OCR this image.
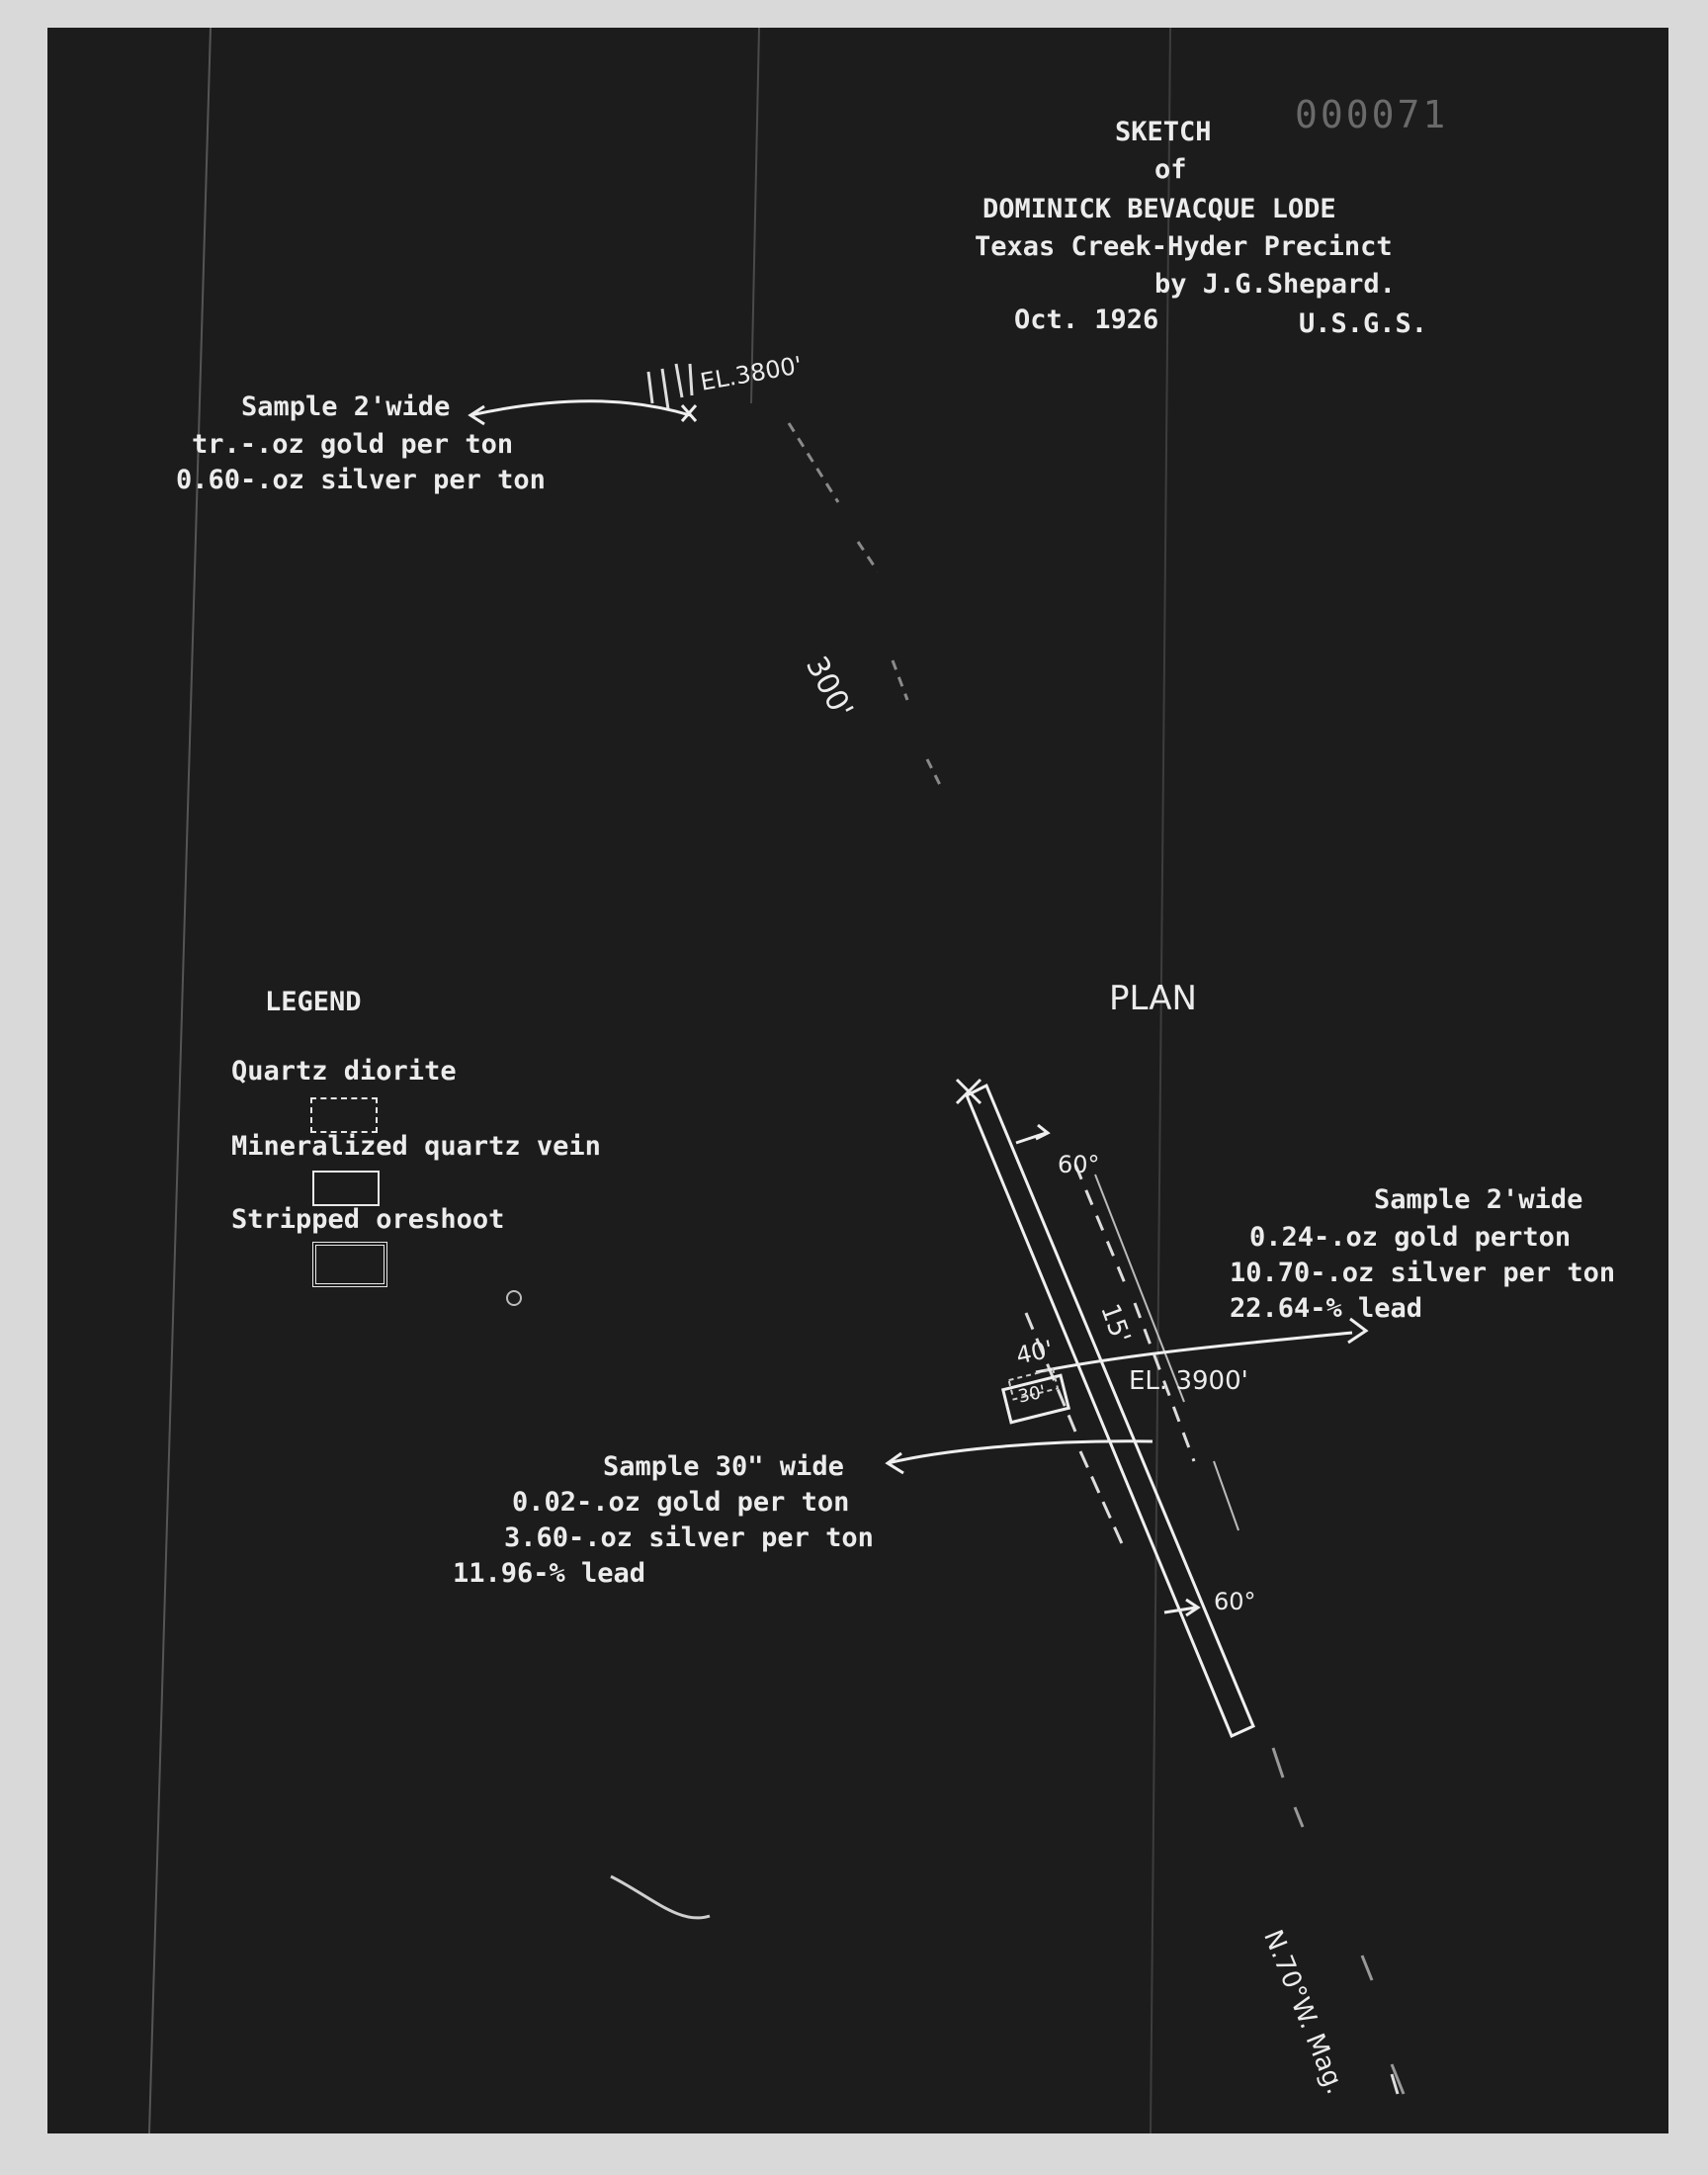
000071
SKETCH
of
DOMINICK BEVACQUE LODE
Texas Creek-Hyder Precinct
by J.G.Shepard.
Oct. 1926	U.S.G.S.
Sample 2'wide
tr.-.oz gold per ton
0.60-.oz silver per ton
EL.3800'
300'
PLAN
LEGEND
Quartz diorite
Mineralized quartz vein
Stripped oreshoot
60°
15'
40'
30'	EL. 3900'
60°
N.70°W. Mag.
Sample 2'wide
0.24-.oz gold perton
10.70-.oz silver per ton
22.64-% lead
Sample 30" wide
0.02-.oz gold per ton
3.60-.oz silver per ton
11.96-% lead
